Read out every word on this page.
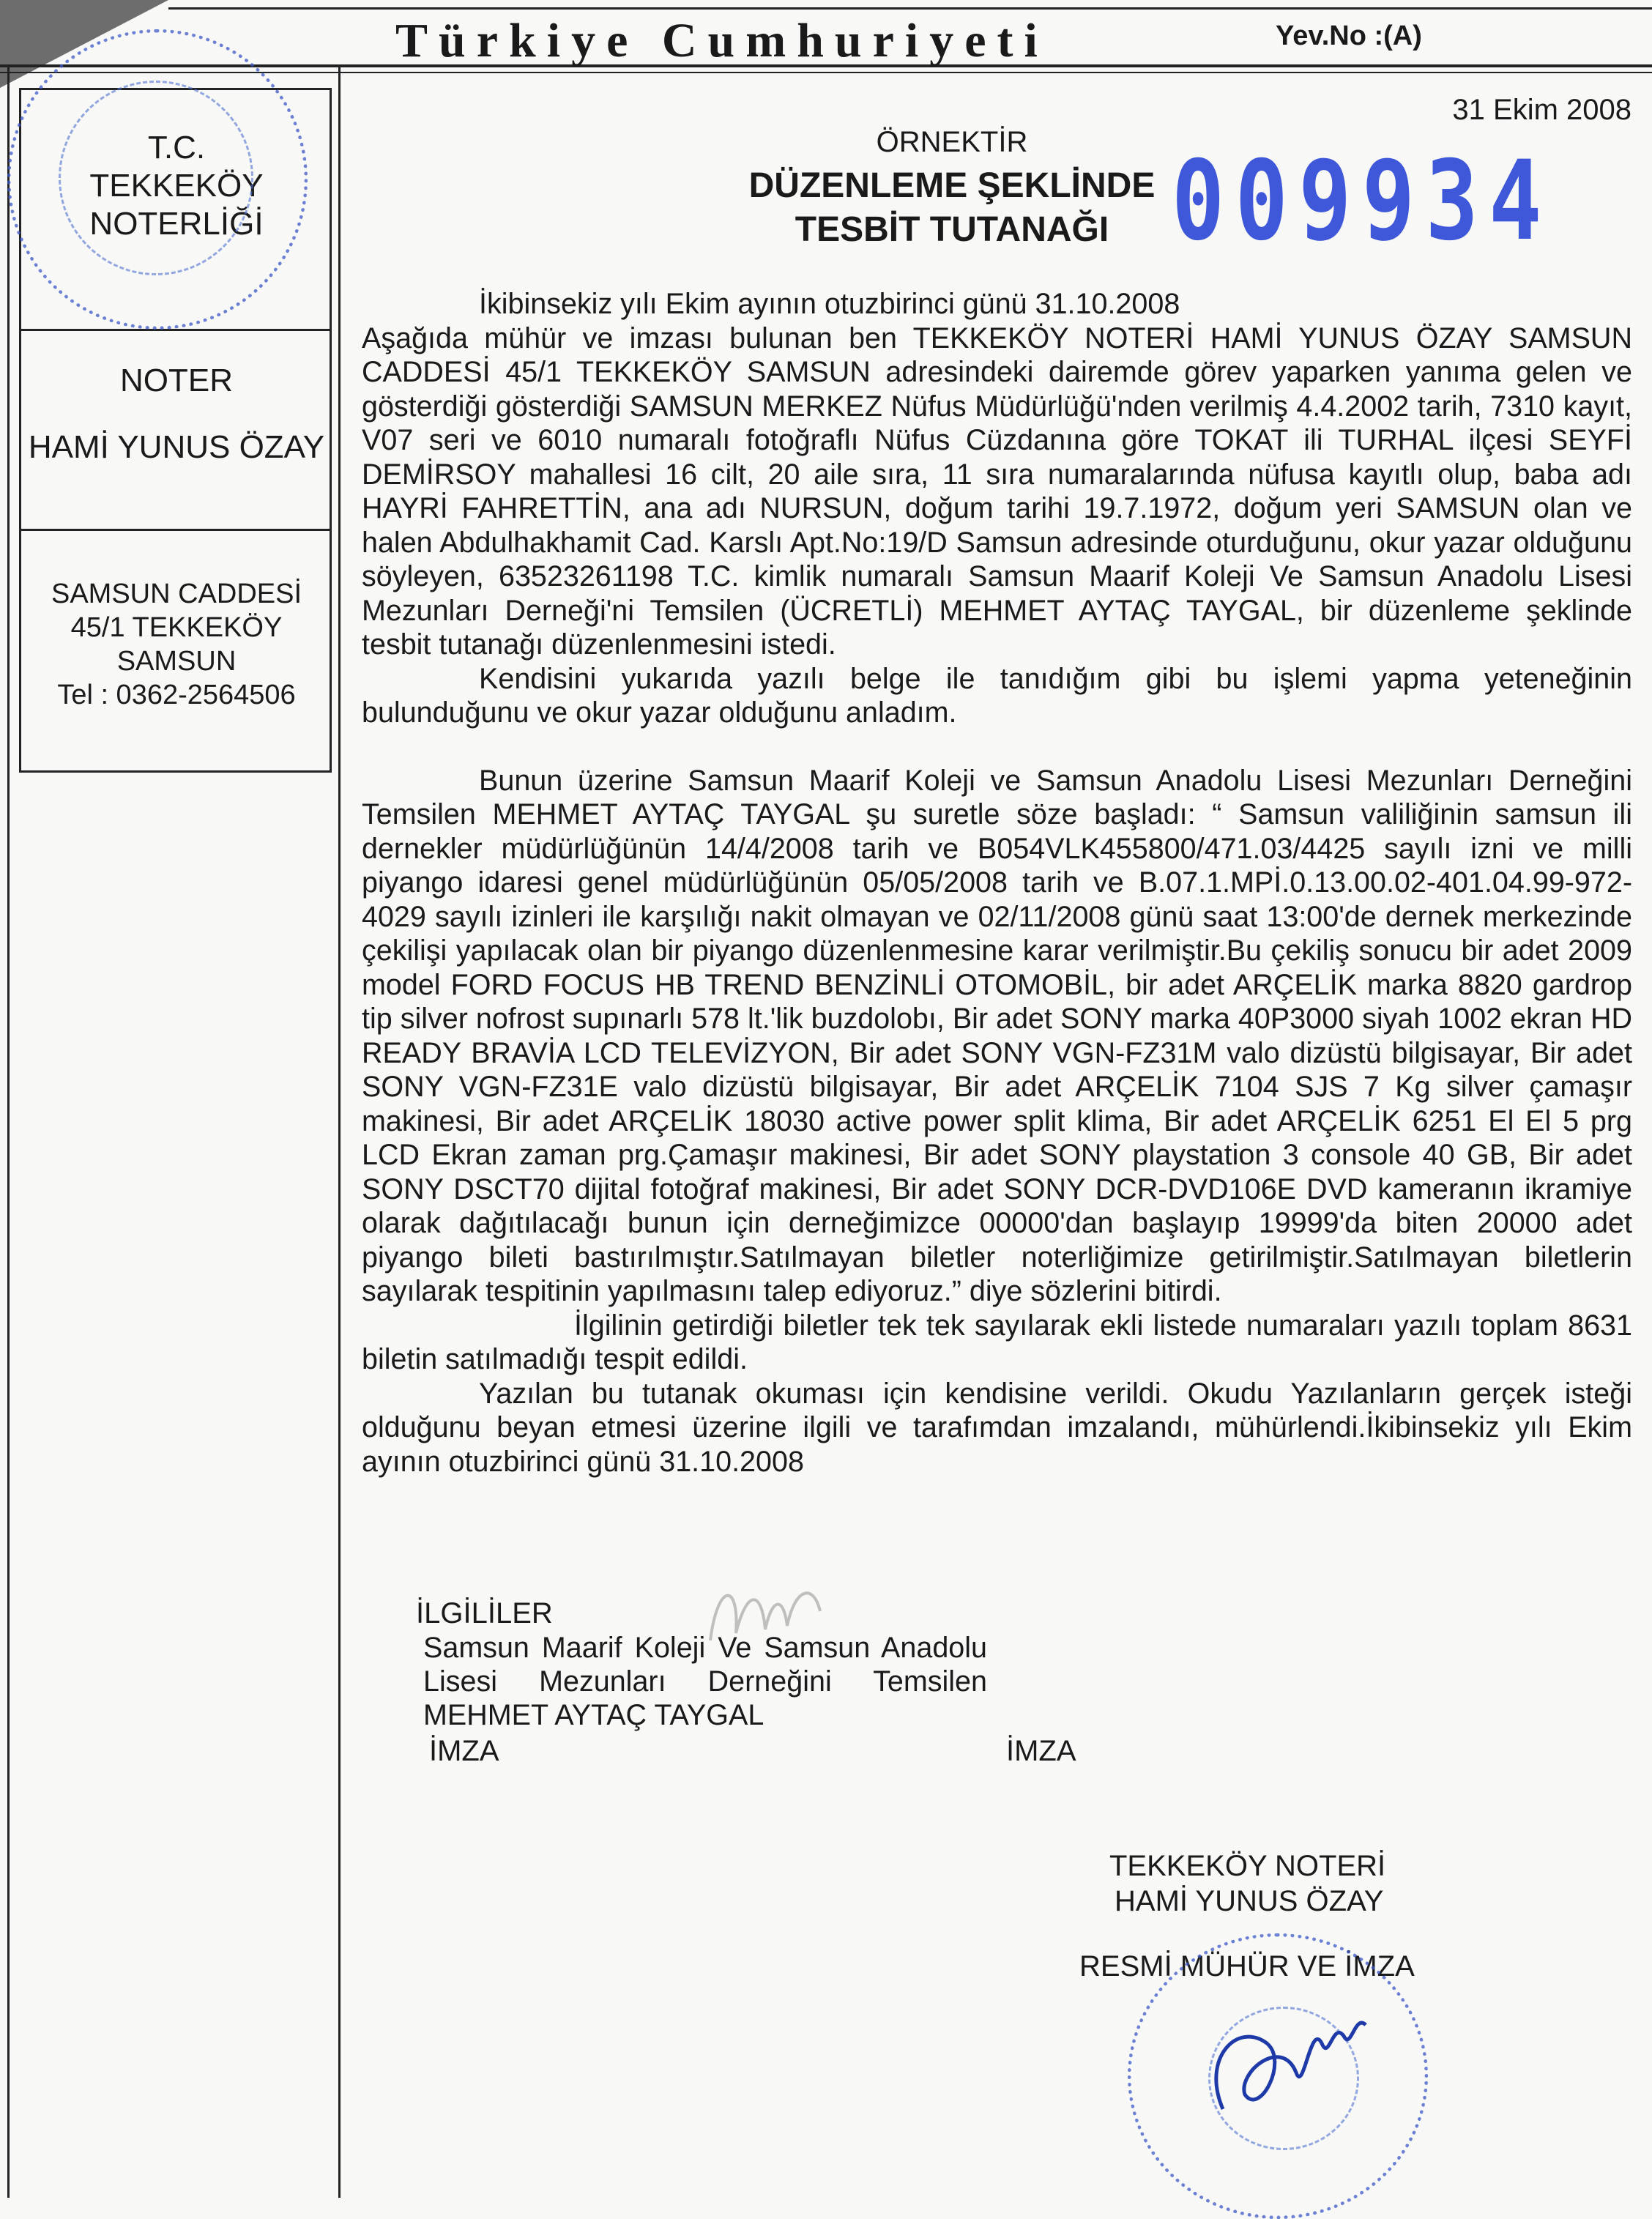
Türkiye Cumhuriyeti	Yev.No :(A)
T.C.
TEKKEKÖY
NOTERLİĞİ
NOTER
HAMİ YUNUS ÖZAY
SAMSUN CADDESİ
45/1 TEKKEKÖY
SAMSUN
Tel : 0362-2564506
31 Ekim 2008
ÖRNEKTİR
DÜZENLEME ŞEKLİNDE
TESBİT TUTANAĞI 009934

İkibinsekiz yılı Ekim ayının otuzbirinci günü 31.10.2008

Aşağıda mühür ve imzası bulunan ben TEKKEKÖY NOTERİ HAMİ YUNUS ÖZAY SAMSUN CADDESİ 45/1 TEKKEKÖY SAMSUN adresindeki dairemde görev yaparken yanıma gelen ve gösterdiği gösterdiği SAMSUN MERKEZ Nüfus Müdürlüğü'nden verilmiş 4.4.2002 tarih, 7310 kayıt, V07 seri ve 6010 numaralı fotoğraflı Nüfus Cüzdanına göre TOKAT ili TURHAL ilçesi SEYFİ DEMİRSOY mahallesi 16 cilt, 20 aile sıra, 11 sıra numaralarında nüfusa kayıtlı olup, baba adı HAYRİ FAHRETTİN, ana adı NURSUN, doğum tarihi 19.7.1972, doğum yeri SAMSUN olan ve halen Abdulhakhamit Cad. Karslı Apt.No:19/D Samsun adresinde oturduğunu, okur yazar olduğunu söyleyen, 63523261198 T.C. kimlik numaralı Samsun Maarif Koleji Ve Samsun Anadolu Lisesi Mezunları Derneği'ni Temsilen (ÜCRETLİ) MEHMET AYTAÇ TAYGAL, bir düzenleme şeklinde tesbit tutanağı düzenlenmesini istedi.

Kendisini yukarıda yazılı belge ile tanıdığım gibi bu işlemi yapma yeteneğinin bulunduğunu ve okur yazar olduğunu anladım.

Bunun üzerine Samsun Maarif Koleji ve Samsun Anadolu Lisesi Mezunları Derneğini Temsilen MEHMET AYTAÇ TAYGAL şu suretle söze başladı: “ Samsun valiliğinin samsun ili dernekler müdürlüğünün 14/4/2008 tarih ve B054VLK455800/471.03/4425 sayılı izni ve milli piyango idaresi genel müdürlüğünün 05/05/2008 tarih ve B.07.1.MPİ.0.13.00.02-401.04.99-972-4029 sayılı izinleri ile karşılığı nakit olmayan ve 02/11/2008 günü saat 13:00'de dernek merkezinde çekilişi yapılacak olan bir piyango düzenlenmesine karar verilmiştir.Bu çekiliş sonucu bir adet 2009 model FORD FOCUS HB TREND BENZİNLİ OTOMOBİL, bir adet ARÇELİK marka 8820 gardrop tip silver nofrost supınarlı 578 lt.'lik buzdolobı, Bir adet SONY marka 40P3000 siyah 1002 ekran HD READY BRAVİA LCD TELEVİZYON, Bir adet SONY VGN-FZ31M valo dizüstü bilgisayar, Bir adet SONY VGN-FZ31E valo dizüstü bilgisayar, Bir adet ARÇELİK 7104 SJS 7 Kg silver çamaşır makinesi, Bir adet ARÇELİK 18030 active power split klima, Bir adet ARÇELİK 6251 El El 5 prg LCD Ekran zaman prg.Çamaşır makinesi, Bir adet SONY playstation 3 console 40 GB, Bir adet SONY DSCT70 dijital fotoğraf makinesi, Bir adet SONY DCR-DVD106E DVD kameranın ikramiye olarak dağıtılacağı bunun için derneğimizce 00000'dan başlayıp 19999'da biten 20000 adet piyango bileti bastırılmıştır.Satılmayan biletler noterliğimize getirilmiştir.Satılmayan biletlerin sayılarak tespitinin yapılmasını talep ediyoruz.” diye sözlerini bitirdi.

İlgilinin getirdiği biletler tek tek sayılarak ekli listede numaraları yazılı toplam 8631 biletin satılmadığı tespit edildi.

Yazılan bu tutanak okuması için kendisine verildi. Okudu Yazılanların gerçek isteği olduğunu beyan etmesi üzerine ilgili ve tarafımdan imzalandı, mühürlendi.İkibinsekiz yılı Ekim ayının otuzbirinci günü 31.10.2008

İLGİLİLER
Samsun Maarif Koleji Ve Samsun Anadolu Lisesi Mezunları Derneğini Temsilen MEHMET AYTAÇ TAYGAL
İMZA	İMZA
TEKKEKÖY NOTERİ
HAMİ YUNUS ÖZAY
RESMİ MÜHÜR VE İMZA
